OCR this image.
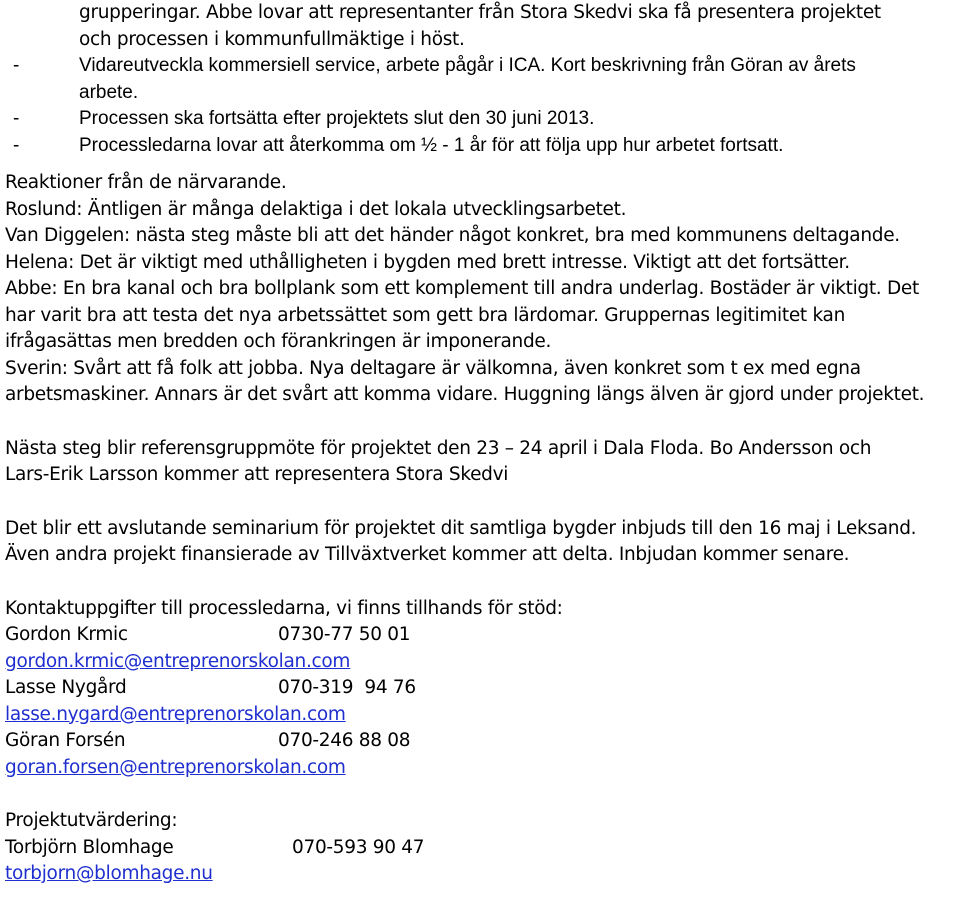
grupperingar. Abbe lovar att representanter från Stora Skedvi ska få presentera projektet
och processen i kommunfullmäktige i höst.
-	Vidareutveckla kommersiell service, arbete pågår i ICA. Kort beskrivning från Göran av årets
arbete.
-	Processen ska fortsätta efter projektets slut den 30 juni 2013.
-	Processledarna lovar att återkomma om ½ - 1 år för att följa upp hur arbetet fortsatt.
Reaktioner från de närvarande.
Roslund: Äntligen är många delaktiga i det lokala utvecklingsarbetet.
Van Diggelen: nästa steg måste bli att det händer något konkret, bra med kommunens deltagande.
Helena: Det är viktigt med uthålligheten i bygden med brett intresse. Viktigt att det fortsätter.
Abbe: En bra kanal och bra bollplank som ett komplement till andra underlag. Bostäder är viktigt. Det
har varit bra att testa det nya arbetssättet som gett bra lärdomar. Gruppernas legitimitet kan
ifrågasättas men bredden och förankringen är imponerande.
Sverin: Svårt att få folk att jobba. Nya deltagare är välkomna, även konkret som t ex med egna
arbetsmaskiner. Annars är det svårt att komma vidare. Huggning längs älven är gjord under projektet.
Nästa steg blir referensgruppmöte för projektet den 23 – 24 april i Dala Floda. Bo Andersson och
Lars-Erik Larsson kommer att representera Stora Skedvi
Det blir ett avslutande seminarium för projektet dit samtliga bygder inbjuds till den 16 maj i Leksand.
Även andra projekt finansierade av Tillväxtverket kommer att delta. Inbjudan kommer senare.
Kontaktuppgifter till processledarna, vi finns tillhands för stöd:
Gordon Krmic	0730-77 50 01
gordon.krmic@entreprenorskolan.com
Lasse Nygård	070-319  94 76
lasse.nygard@entreprenorskolan.com
Göran Forsén	070-246 88 08
goran.forsen@entreprenorskolan.com
Projektutvärdering:
Torbjörn Blomhage	070-593 90 47
torbjorn@blomhage.nu
